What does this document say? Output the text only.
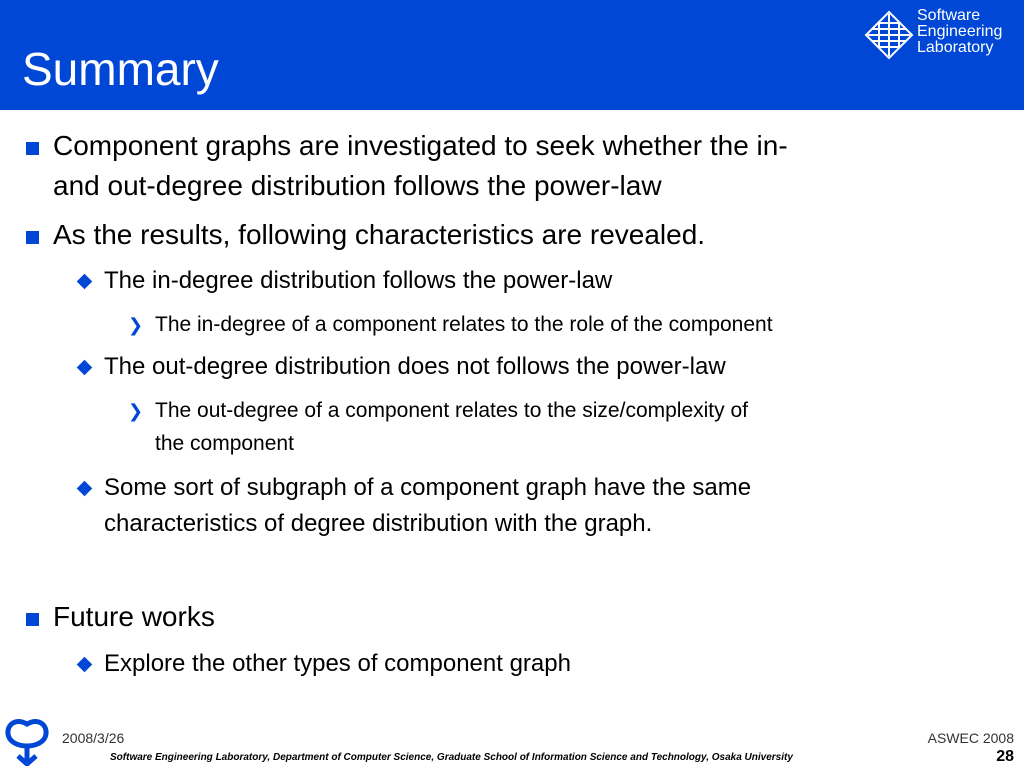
Summary
Software
Engineering
Laboratory
Component graphs are investigated to seek whether the in-
and out-degree distribution follows the power-law
As the results, following characteristics are revealed.
The in-degree distribution follows the power-law
❯ The in-degree of a component relates to the role of the component
The out-degree distribution does not follows the power-law
❯ The out-degree of a component relates to the size/complexity of
the component
Some sort of subgraph of a component graph have the same
characteristics of degree distribution with the graph.
Future works
Explore the other types of component graph
2008/3/26	ASWEC 2008
Software Engineering Laboratory, Department of Computer Science, Graduate School of Information Science and Technology, Osaka University	28
